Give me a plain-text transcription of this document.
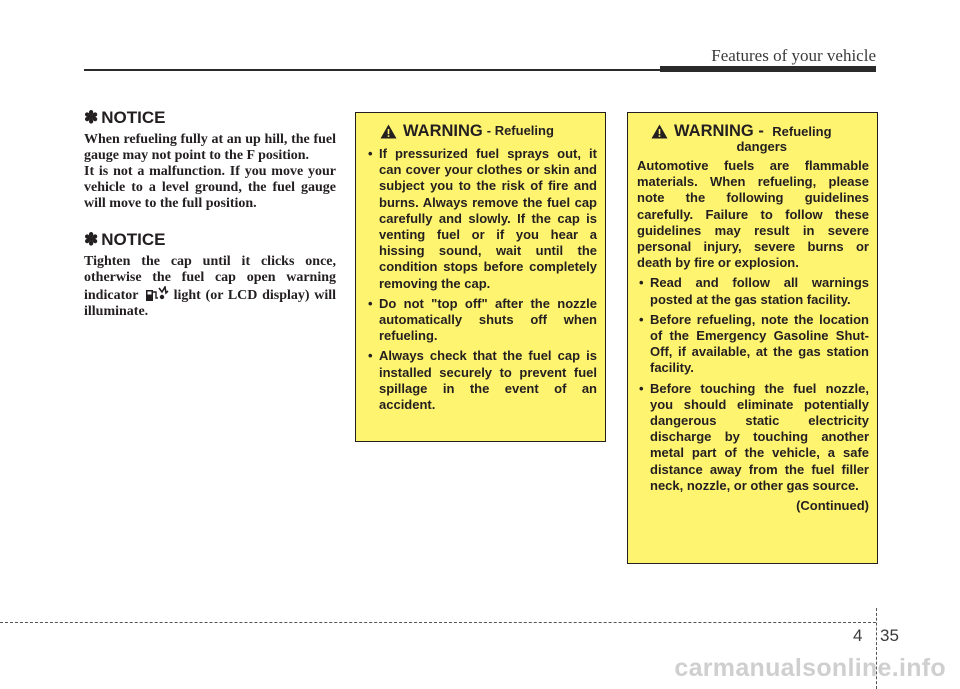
Features of your vehicle
✽ NOTICE

When refueling fully at an up hill, the fuel gauge may not point to the F position.

It is not a malfunction. If you move your vehicle to a level ground, the fuel gauge will move to the full position.

✽ NOTICE

Tighten the cap until it clicks once, otherwise the fuel cap open warning indicator	light (or LCD display) will illuminate.

WARNING - Refueling
• If pressurized fuel sprays out, it can cover your clothes or skin and subject you to the risk of fire and burns. Always remove the fuel cap carefully and slowly. If the cap is venting fuel or if you hear a hissing sound, wait until the condition stops before completely removing the cap.
• Do not "top off" after the nozzle automatically shuts off when refueling.
• Always check that the fuel cap is installed securely to prevent fuel spillage in the event of an accident.
WARNING - Refueling
dangers

Automotive fuels are flammable materials. When refueling, please note the following guidelines carefully. Failure to follow these guidelines may result in severe personal injury, severe burns or death by fire or explosion.

• Read and follow all warnings posted at the gas station facility.
• Before refueling, note the location of the Emergency Gasoline Shut-Off, if available, at the gas station facility.
• Before touching the fuel nozzle, you should eliminate potentially dangerous static electricity discharge by touching another metal part of the vehicle, a safe distance away from the fuel filler neck, nozzle, or other gas source.
(Continued)
4 35
carmanualsonline.info
